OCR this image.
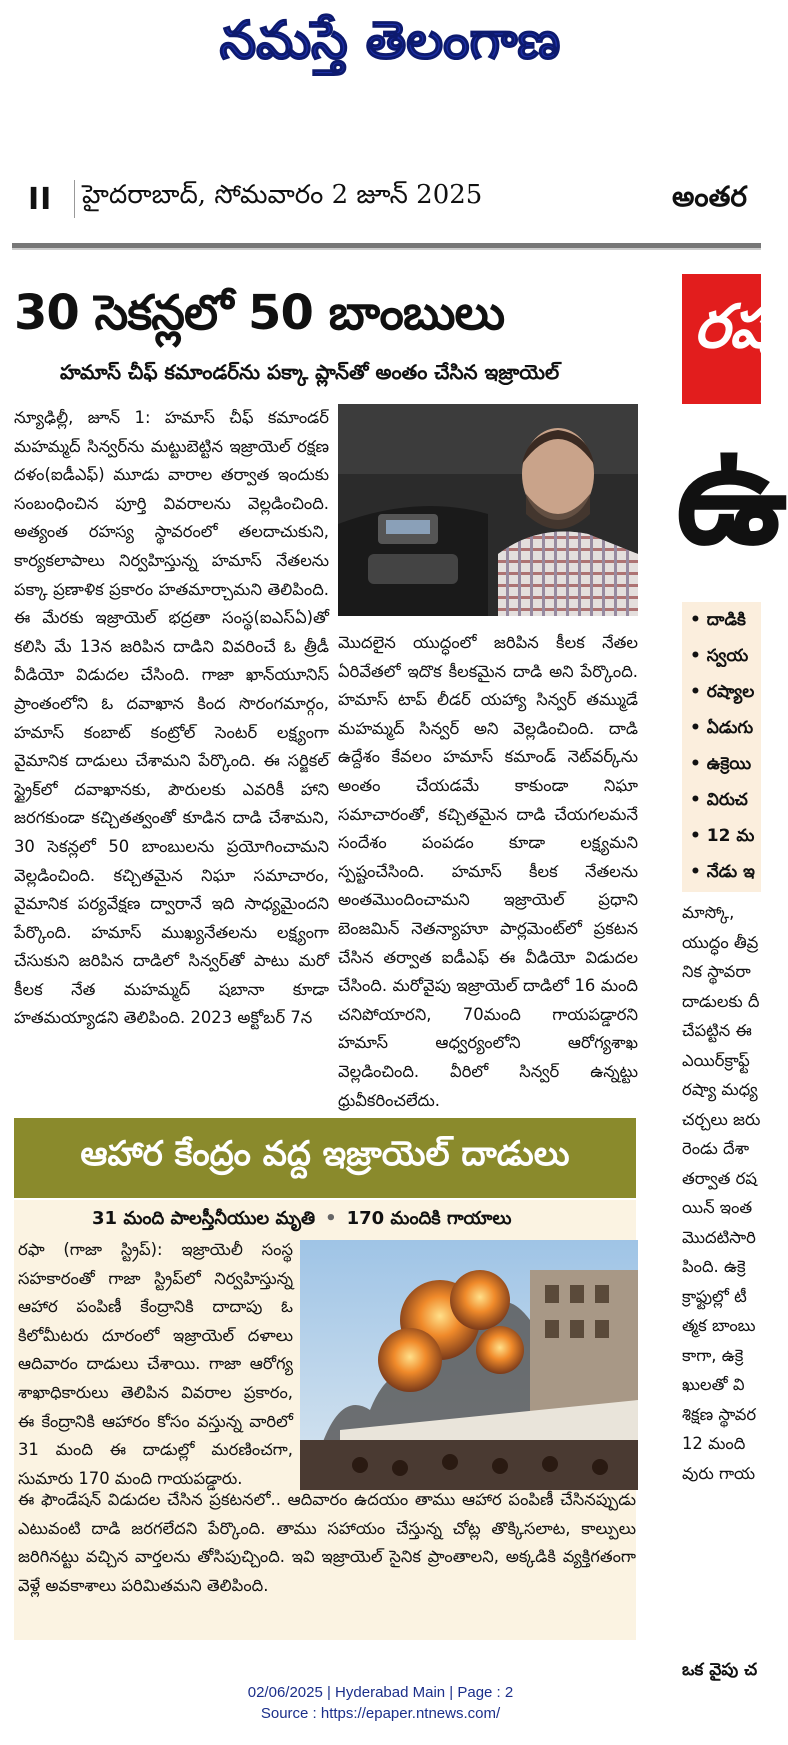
నమస్తే తెలంగాణ
II హైదరాబాద్, సోమవారం 2 జూన్ 2025	అంతర
30 సెకన్లలో 50 బాంబులు
హమాస్ చీఫ్ కమాండర్‌ను పక్కా ప్లాన్‌తో అంతం చేసిన ఇజ్రాయెల్
న్యూఢిల్లీ, జూన్ 1: హమాస్ చీఫ్ కమాండర్ మహమ్మద్ సిన్వర్‌ను మట్టుబెట్టిన ఇజ్రాయెల్ రక్షణ దళం(ఐడీఎఫ్) మూడు వారాల తర్వాత ఇందుకు సంబంధించిన పూర్తి వివరాలను వెల్లడించింది. అత్యంత రహస్య స్థావరంలో తలదాచుకుని, కార్యకలాపాలు నిర్వహిస్తున్న హమాస్ నేతలను పక్కా ప్రణాళిక ప్రకారం హతమార్చామని తెలిపింది. ఈ మేరకు ఇజ్రాయెల్ భద్రతా సంస్థ(ఐఎస్ఏ)తో కలిసి మే 13న జరిపిన దాడిని వివరించే ఓ త్రీడీ వీడియో విడుదల చేసింది. గాజా ఖాన్‌యూనిస్ ప్రాంతంలోని ఓ దవాఖాన కింద సొరంగమార్గం, హమాస్ కంబాట్ కంట్రోల్ సెంటర్ లక్ష్యంగా వైమానిక దాడులు చేశామని పేర్కొంది. ఈ సర్జికల్ స్ట్రైక్‌లో దవాఖానకు, పౌరులకు ఎవరికీ హాని జరగకుండా కచ్చితత్వంతో కూడిన దాడి చేశామని, 30 సెకన్లలో 50 బాంబులను ప్రయోగించామని వెల్లడించింది. కచ్చితమైన నిఘా సమాచారం, వైమానిక పర్యవేక్షణ ద్వారానే ఇది సాధ్యమైందని పేర్కొంది. హమాస్ ముఖ్యనేతలను లక్ష్యంగా చేసుకుని జరిపిన దాడిలో సిన్వర్‌తో పాటు మరో కీలక నేత మహమ్మద్ షబానా కూడా హతమయ్యాడని తెలిపింది. 2023 అక్టోబర్ 7న
మొదలైన యుద్ధంలో జరిపిన కీలక నేతల ఏరివేతలో ఇదొక కీలకమైన దాడి అని పేర్కొంది. హమాస్ టాప్ లీడర్ యహ్యా సిన్వర్ తమ్ముడే మహమ్మద్ సిన్వర్ అని వెల్లడించింది. దాడి ఉద్దేశం కేవలం హమాస్ కమాండ్ నెట్‌వర్క్‌ను అంతం చేయడమే కాకుండా నిఘా సమాచారంతో, కచ్చితమైన దాడి చేయగలమనే సందేశం పంపడం కూడా లక్ష్యమని స్పష్టంచేసింది. హమాస్ కీలక నేతలను అంతమొందించామని ఇజ్రాయెల్ ప్రధాని బెంజమిన్ నెతన్యాహూ పార్లమెంట్‌లో ప్రకటన చేసిన తర్వాత ఐడీఎఫ్ ఈ వీడియో విడుదల చేసింది. మరోవైపు ఇజ్రాయెల్ దాడిలో 16 మంది చనిపోయారని, 70మంది గాయపడ్డారని హమాస్ ఆధ్వర్యంలోని ఆరోగ్యశాఖ వెల్లడించింది. వీరిలో సిన్వర్ ఉన్నట్టు ధ్రువీకరించలేదు.
ఆహార కేంద్రం వద్ద ఇజ్రాయెల్ దాడులు
31 మంది పాలస్తీనీయుల మృతి • 170 మందికి గాయాలు
రఫా (గాజా స్ట్రిప్): ఇజ్రాయెలీ సంస్థ సహకారంతో గాజా స్ట్రిప్‌లో నిర్వహిస్తున్న ఆహార పంపిణీ కేంద్రానికి దాదాపు ఓ కిలోమీటరు దూరంలో ఇజ్రాయెల్ దళాలు ఆదివారం దాడులు చేశాయి. గాజా ఆరోగ్య శాఖాధికారులు తెలిపిన వివరాల ప్రకారం, ఈ కేంద్రానికి ఆహారం కోసం వస్తున్న వారిలో 31 మంది ఈ దాడుల్లో మరణించగా, సుమారు 170 మంది గాయపడ్డారు.
ఈ ఫౌండేషన్ విడుదల చేసిన ప్రకటనలో.. ఆదివారం ఉదయం తాము ఆహార పంపిణీ చేసినప్పుడు ఎటువంటి దాడి జరగలేదని పేర్కొంది. తాము సహాయం చేస్తున్న చోట్ల తొక్కిసలాట, కాల్పులు జరిగినట్టు వచ్చిన వార్తలను తోసిపుచ్చింది. ఇవి ఇజ్రాయెల్ సైనిక ప్రాంతాలని, అక్కడికి వ్యక్తిగతంగా వెళ్లే అవకాశాలు పరిమితమని తెలిపింది.
రష
ఉ
• దాడికి
• స్వయ
• రష్యాల
• ఏడుగు
• ఉక్రెయి
• విరుచ
• 12 మ
• నేడు ఇ
మాస్కో,
యుద్ధం తీవ్ర
నిక స్థావరా
దాడులకు దీ
చేపట్టిన ఈ
ఎయిర్‌క్రాఫ్ట్
రష్యా మధ్య
చర్చలు జరు
రెండు దేశా
తర్వాత రష
యిన్ ఇంత
మొదటిసారి
పింది. ఉక్రె
క్రాఫ్టుల్లో టీ
త్మక బాంబు
కాగా, ఉక్రె
ఖులతో వి
శిక్షణ స్థావర
12 మంది
వురు గాయ
ఒక వైపు చ
02/06/2025 | Hyderabad Main | Page : 2
Source : https://epaper.ntnews.com/
